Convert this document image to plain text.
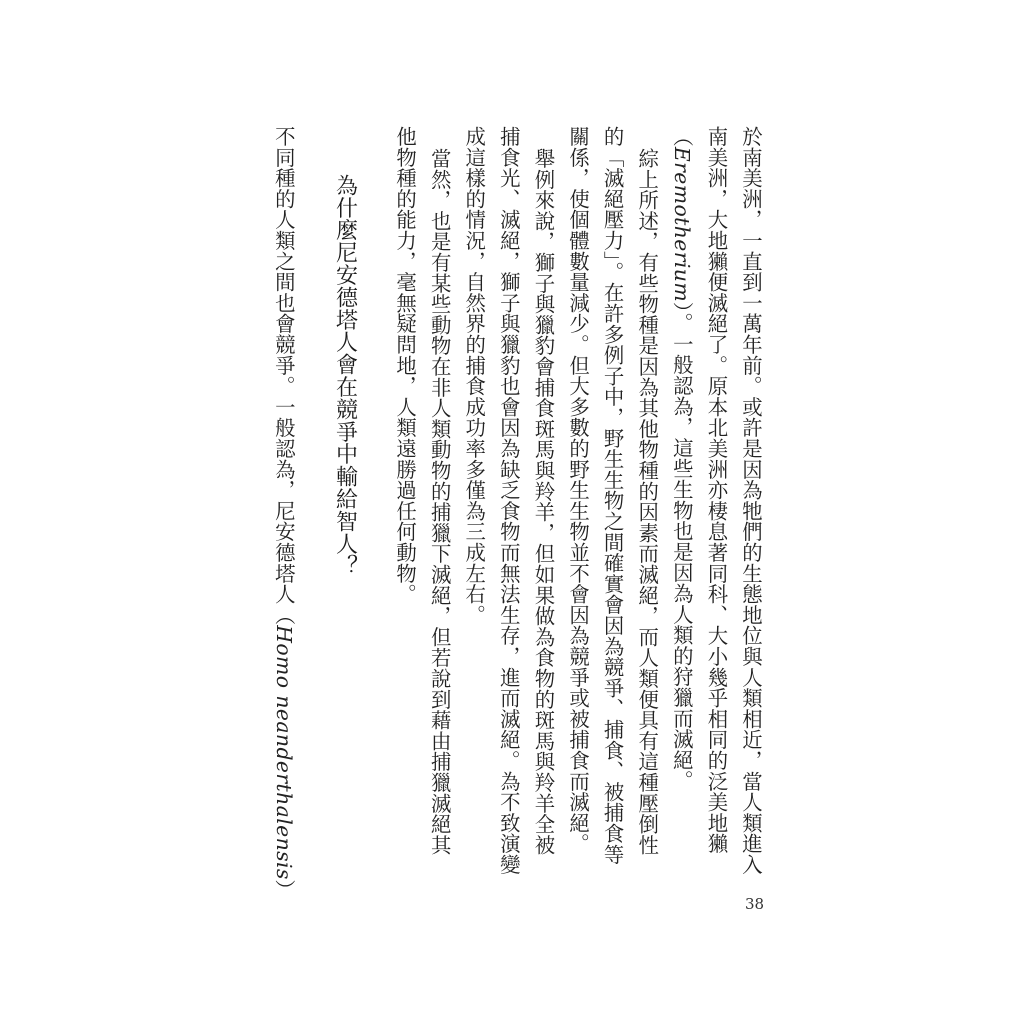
於南美洲，一直到一萬年前。或許是因為牠們的生態地位與人類相近，當人類進入
南美洲，大地獺便滅絕了。原本北美洲亦棲息著同科、大小幾乎相同的泛美地獺
（Eremotherium）。一般認為，這些生物也是因為人類的狩獵而滅絕。
綜上所述，有些物種是因為其他物種的因素而滅絕，而人類便具有這種壓倒性
的「滅絕壓力」。在許多例子中，野生生物之間確實會因為競爭、捕食、被捕食等
關係，使個體數量減少。但大多數的野生生物並不會因為競爭或被捕食而滅絕。
舉例來說，獅子與獵豹會捕食斑馬與羚羊，但如果做為食物的斑馬與羚羊全被
捕食光、滅絕，獅子與獵豹也會因為缺乏食物而無法生存，進而滅絕。為不致演變
成這樣的情況，自然界的捕食成功率多僅為三成左右。
當然，也是有某些動物在非人類動物的捕獵下滅絕，但若說到藉由捕獵滅絕其
他物種的能力，毫無疑問地，人類遠勝過任何動物。
為什麼尼安德塔人會在競爭中輸給智人？
不同種的人類之間也會競爭。一般認為，尼安德塔人（Homo neanderthalensis）
38
